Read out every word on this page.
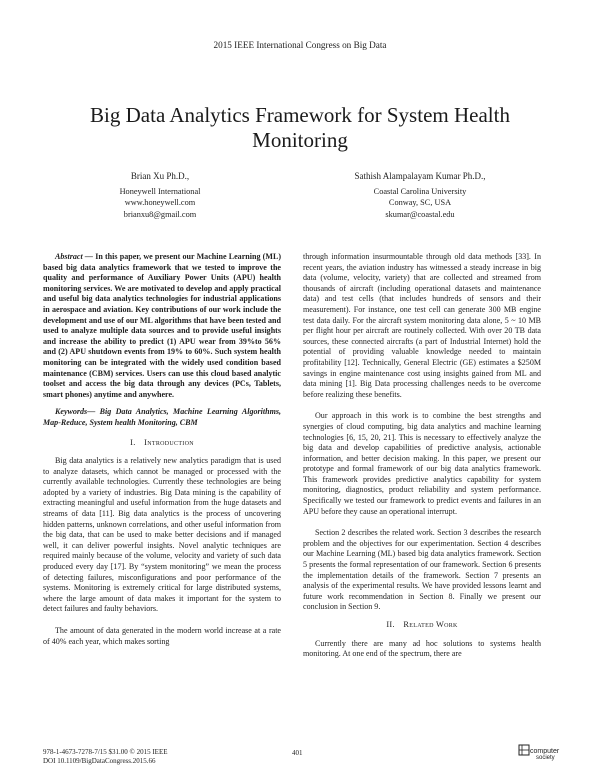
2015 IEEE International Congress on Big Data
Big Data Analytics Framework for System Health Monitoring
Brian Xu Ph.D.,
Honeywell International
www.honeywell.com
brianxu8@gmail.com
Sathish Alampalayam Kumar Ph.D.,
Coastal Carolina University
Conway, SC, USA
skumar@coastal.edu

Abstract — In this paper, we present our Machine Learning (ML) based big data analytics framework that we tested to improve the quality and performance of Auxiliary Power Units (APU) health monitoring services. We are motivated to develop and apply practical and useful big data analytics technologies for industrial applications in aerospace and aviation. Key contributions of our work include the development and use of our ML algorithms that have been tested and used to analyze multiple data sources and to provide useful insights and increase the ability to predict (1) APU wear from 39%to 56% and (2) APU shutdown events from 19% to 60%. Such system health monitoring can be integrated with the widely used condition based maintenance (CBM) services. Users can use this cloud based analytic toolset and access the big data through any devices (PCs, Tablets, smart phones) anytime and anywhere.

Keywords— Big Data Analytics, Machine Learning Algorithms, Map-Reduce, System health Monitoring, CBM

I. Introduction

Big data analytics is a relatively new analytics paradigm that is used to analyze datasets, which cannot be managed or processed with the currently available technologies. Currently these technologies are being adopted by a variety of industries. Big Data mining is the capability of extracting meaningful and useful information from the huge datasets and streams of data [11]. Big data analytics is the process of uncovering hidden patterns, unknown correlations, and other useful information from the big data, that can be used to make better decisions and if managed well, it can deliver powerful insights. Novel analytic techniques are required mainly because of the volume, velocity and variety of such data produced every day [17]. By “system monitoring” we mean the process of detecting failures, misconfigurations and poor performance of the systems. Monitoring is extremely critical for large distributed systems, where the large amount of data makes it important for the system to detect failures and faulty behaviors.

The amount of data generated in the modern world increase at a rate of 40% each year, which makes sorting

through information insurmountable through old data methods [33]. In recent years, the aviation industry has witnessed a steady increase in big data (volume, velocity, variety) that are collected and streamed from thousands of aircraft (including operational datasets and maintenance data) and test cells (that includes hundreds of sensors and their measurement). For instance, one test cell can generate 300 MB engine test data daily. For the aircraft system monitoring data alone, 5 ~ 10 MB per flight hour per aircraft are routinely collected. With over 20 TB data sources, these connected aircrafts (a part of Industrial Internet) hold the potential of providing valuable knowledge needed to maintain profitability [12]. Technically, General Electric (GE) estimates a $250M savings in engine maintenance cost using insights gained from ML and data mining [1]. Big Data processing challenges needs to be overcome before realizing these benefits.

Our approach in this work is to combine the best strengths and synergies of cloud computing, big data analytics and machine learning technologies [6, 15, 20, 21]. This is necessary to effectively analyze the big data and develop capabilities of predictive analysis, actionable information, and better decision making. In this paper, we present our prototype and formal framework of our big data analytics framework. This framework provides predictive analytics capability for system monitoring, diagnostics, product reliability and system performance. Specifically we tested our framework to predict events and failures in an APU before they cause an operational interrupt.

Section 2 describes the related work. Section 3 describes the research problem and the objectives for our experimentation. Section 4 describes our Machine Learning (ML) based big data analytics framework. Section 5 presents the formal representation of our framework. Section 6 presents the implementation details of the framework. Section 7 presents an analysis of the experimental results. We have provided lessons learnt and future work recommendation in Section 8. Finally we present our conclusion in Section 9.

II. Related Work

Currently there are many ad hoc solutions to systems health monitoring. At one end of the spectrum, there are

978-1-4673-7278-7/15 $31.00 © 2015 IEEE
DOI 10.1109/BigDataCongress.2015.66
401	computer
society
